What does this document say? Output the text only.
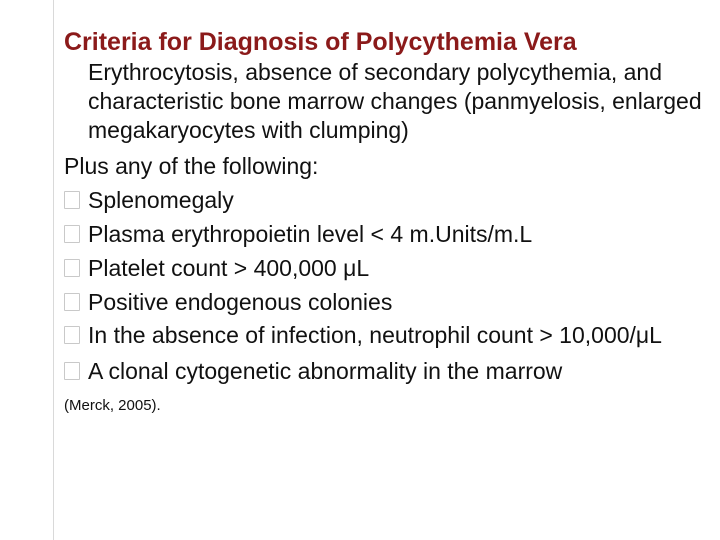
Criteria for Diagnosis of Polycythemia Vera

Erythrocytosis, absence of secondary polycythemia, and characteristic bone marrow changes (panmyelosis, enlarged megakaryocytes with clumping)

Plus any of the following:

Splenomegaly
Plasma erythropoietin level < 4 m.Units/m.L
Platelet count > 400,000 μL
Positive endogenous colonies
In the absence of infection, neutrophil count > 10,000/μL
A clonal cytogenetic abnormality in the marrow

(Merck, 2005).
